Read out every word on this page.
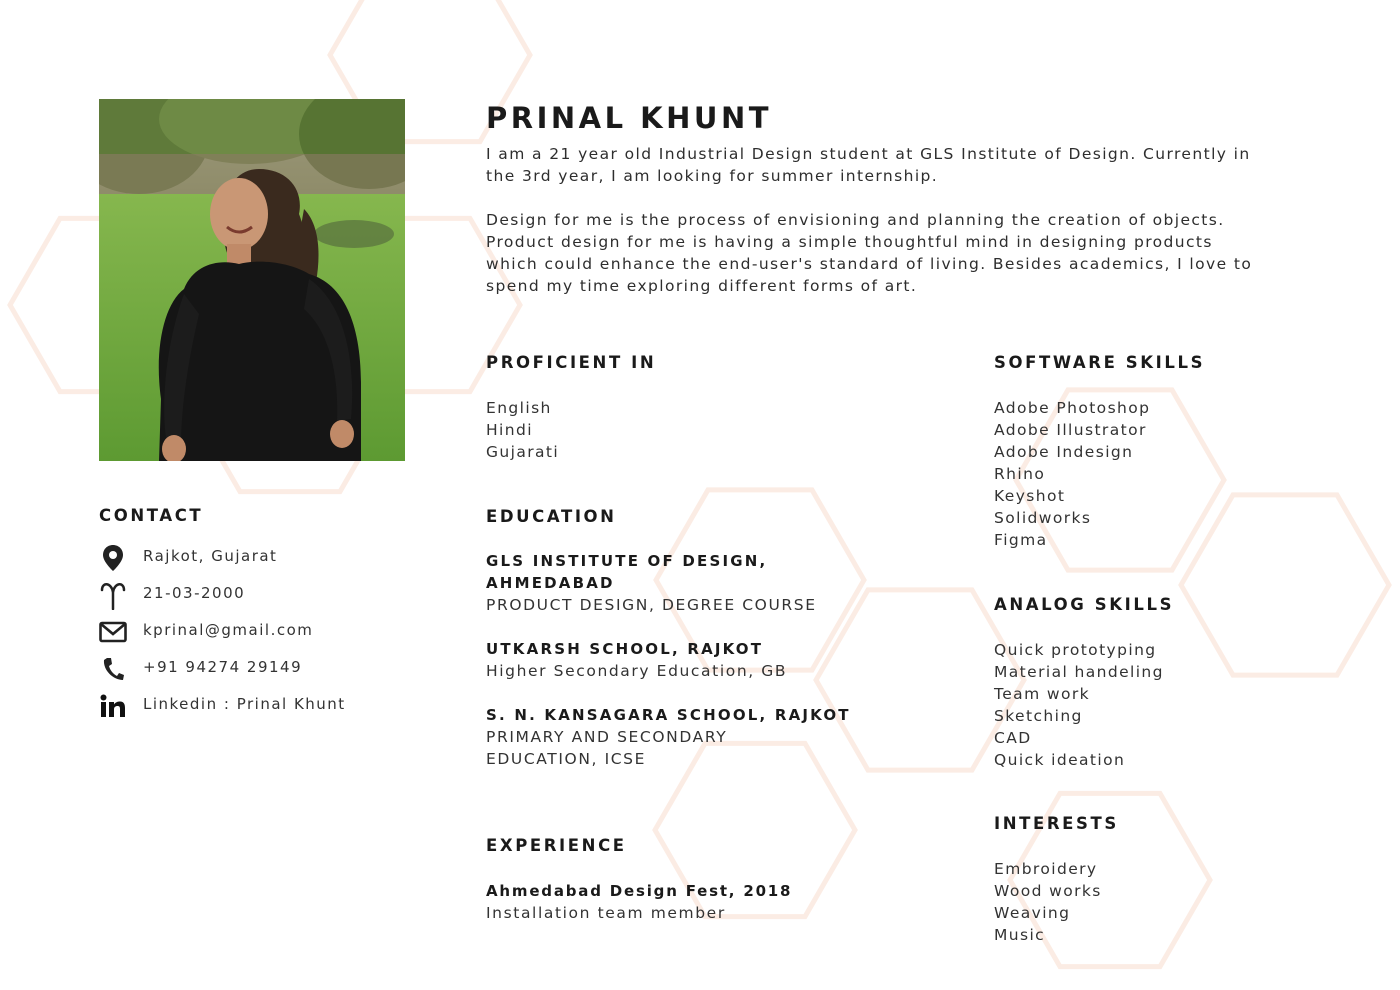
PRINAL KHUNT
I am a 21 year old Industrial Design student at GLS Institute of Design. Currently in the 3rd year, I am looking for summer internship.
Design for me is the process of envisioning and planning the creation of objects. Product design for me is having a simple thoughtful mind in designing products which could enhance the end-user's standard of living. Besides academics, I love to spend my time exploring different forms of art.
CONTACT
Rajkot, Gujarat
21-03-2000
kprinal@gmail.com
+91 94274 29149
Linkedin : Prinal Khunt
PROFICIENT IN
English
Hindi
Gujarati
EDUCATION
GLS INSTITUTE OF DESIGN,
AHMEDABAD
PRODUCT DESIGN, DEGREE COURSE
UTKARSH SCHOOL, RAJKOT
Higher Secondary Education, GB
S. N. KANSAGARA SCHOOL, RAJKOT
PRIMARY AND SECONDARY
EDUCATION, ICSE
EXPERIENCE
Ahmedabad Design Fest, 2018
Installation team member
SOFTWARE SKILLS
Adobe Photoshop
Adobe Illustrator
Adobe Indesign
Rhino
Keyshot
Solidworks
Figma
ANALOG SKILLS
Quick prototyping
Material handeling
Team work
Sketching
CAD
Quick ideation
INTERESTS
Embroidery
Wood works
Weaving
Music
